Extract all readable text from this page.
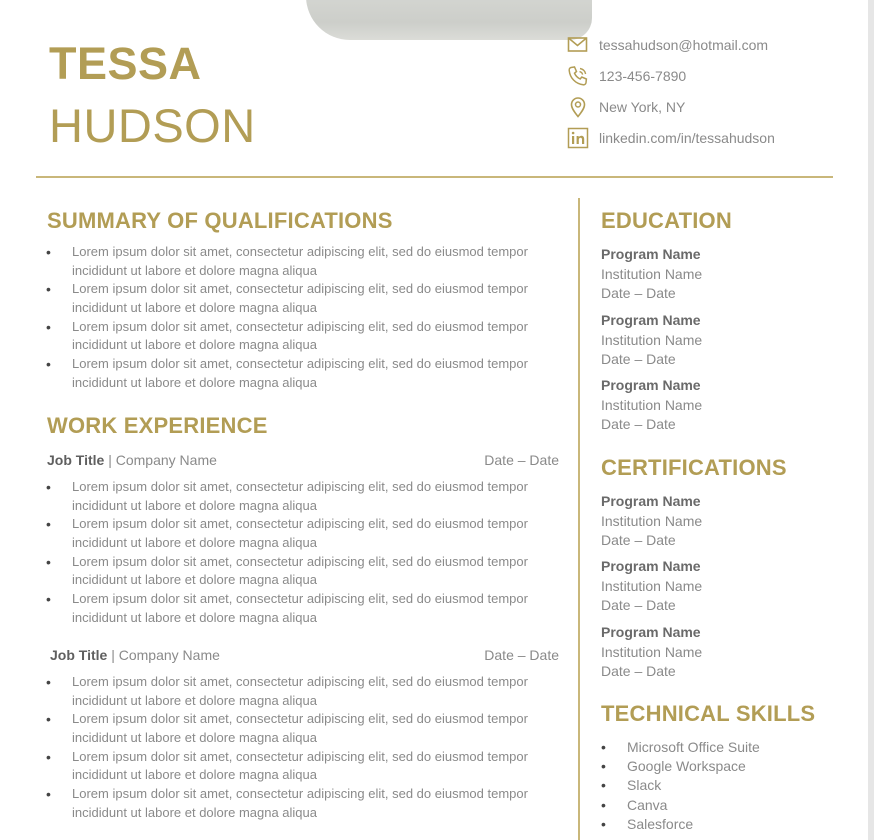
TESSA
HUDSON
tessahudson@hotmail.com
123-456-7890
New York, NY
linkedin.com/in/tessahudson
SUMMARY OF QUALIFICATIONS
• Lorem ipsum dolor sit amet, consectetur adipiscing elit, sed do eiusmod tempor incididunt ut labore et dolore magna aliqua
• Lorem ipsum dolor sit amet, consectetur adipiscing elit, sed do eiusmod tempor incididunt ut labore et dolore magna aliqua
• Lorem ipsum dolor sit amet, consectetur adipiscing elit, sed do eiusmod tempor incididunt ut labore et dolore magna aliqua
• Lorem ipsum dolor sit amet, consectetur adipiscing elit, sed do eiusmod tempor incididunt ut labore et dolore magna aliqua
WORK EXPERIENCE
Job Title | Company Name	Date – Date
• Lorem ipsum dolor sit amet, consectetur adipiscing elit, sed do eiusmod tempor incididunt ut labore et dolore magna aliqua
• Lorem ipsum dolor sit amet, consectetur adipiscing elit, sed do eiusmod tempor incididunt ut labore et dolore magna aliqua
• Lorem ipsum dolor sit amet, consectetur adipiscing elit, sed do eiusmod tempor incididunt ut labore et dolore magna aliqua
• Lorem ipsum dolor sit amet, consectetur adipiscing elit, sed do eiusmod tempor incididunt ut labore et dolore magna aliqua
Job Title | Company Name	Date – Date
• Lorem ipsum dolor sit amet, consectetur adipiscing elit, sed do eiusmod tempor incididunt ut labore et dolore magna aliqua
• Lorem ipsum dolor sit amet, consectetur adipiscing elit, sed do eiusmod tempor incididunt ut labore et dolore magna aliqua
• Lorem ipsum dolor sit amet, consectetur adipiscing elit, sed do eiusmod tempor incididunt ut labore et dolore magna aliqua
• Lorem ipsum dolor sit amet, consectetur adipiscing elit, sed do eiusmod tempor incididunt ut labore et dolore magna aliqua
EDUCATION
Program Name
Institution Name
Date – Date
Program Name
Institution Name
Date – Date
Program Name
Institution Name
Date – Date
CERTIFICATIONS
Program Name
Institution Name
Date – Date
Program Name
Institution Name
Date – Date
Program Name
Institution Name
Date – Date
TECHNICAL SKILLS
• Microsoft Office Suite
• Google Workspace
• Slack
• Canva
• Salesforce
